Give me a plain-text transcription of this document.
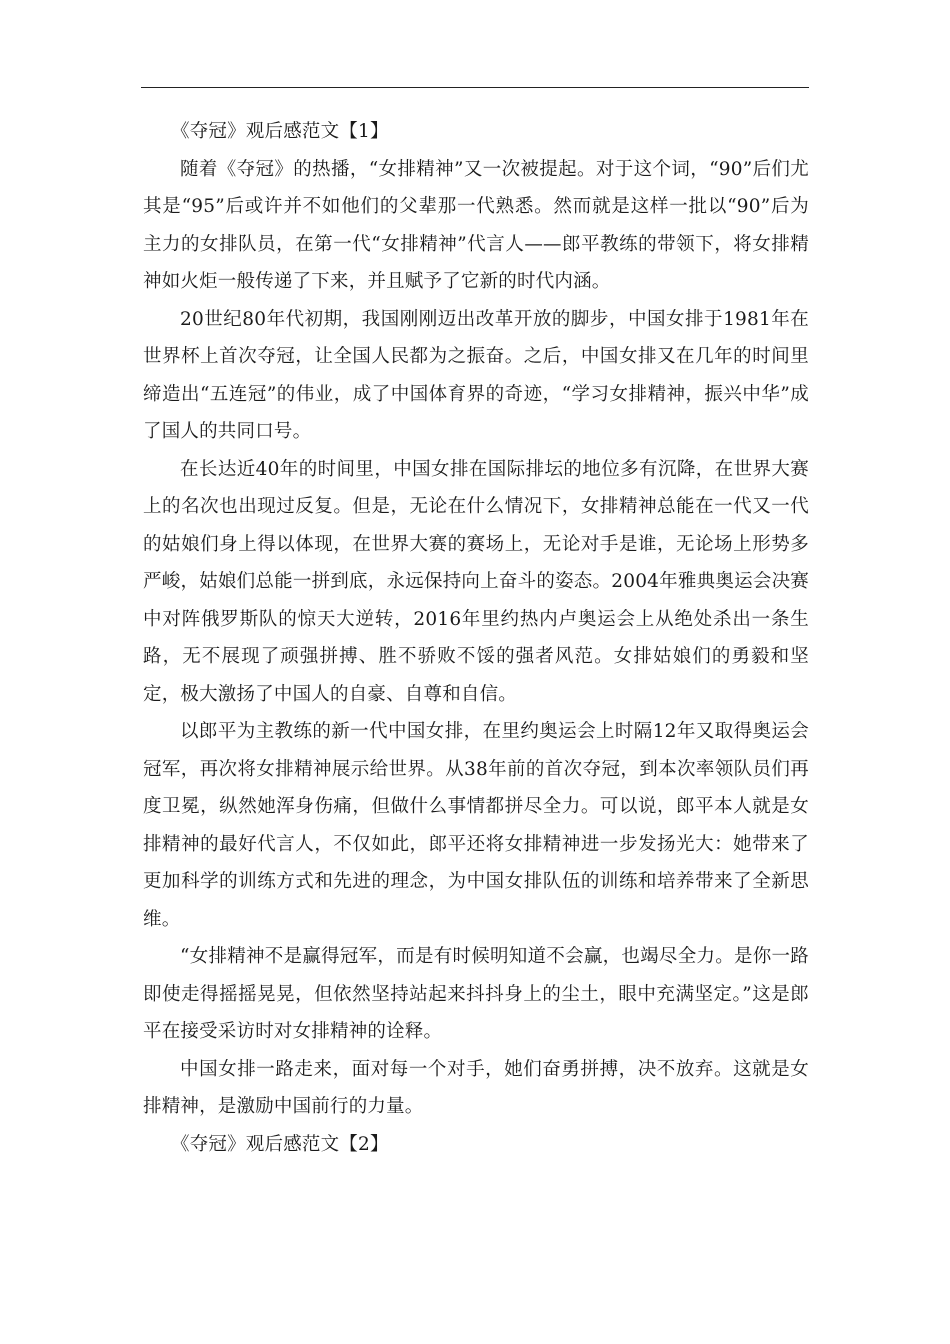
《夺冠》观后感范文【1】

随着《夺冠》的热播，“女排精神”又一次被提起。对于这个词，“90”后们尤其是“95”后或许并不如他们的父辈那一代熟悉。然而就是这样一批以“90”后为主力的女排队员，在第一代“女排精神”代言人——郎平教练的带领下，将女排精神如火炬一般传递了下来，并且赋予了它新的时代内涵。

20世纪80年代初期，我国刚刚迈出改革开放的脚步，中国女排于1981年在世界杯上首次夺冠，让全国人民都为之振奋。之后，中国女排又在几年的时间里缔造出“五连冠”的伟业，成了中国体育界的奇迹，“学习女排精神，振兴中华”成了国人的共同口号。

在长达近40年的时间里，中国女排在国际排坛的地位多有沉降，在世界大赛上的名次也出现过反复。但是，无论在什么情况下，女排精神总能在一代又一代的姑娘们身上得以体现，在世界大赛的赛场上，无论对手是谁，无论场上形势多严峻，姑娘们总能一拼到底，永远保持向上奋斗的姿态。2004年雅典奥运会决赛中对阵俄罗斯队的惊天大逆转，2016年里约热内卢奥运会上从绝处杀出一条生路，无不展现了顽强拼搏、胜不骄败不馁的强者风范。女排姑娘们的勇毅和坚定，极大激扬了中国人的自豪、自尊和自信。

以郎平为主教练的新一代中国女排，在里约奥运会上时隔12年又取得奥运会冠军，再次将女排精神展示给世界。从38年前的首次夺冠，到本次率领队员们再度卫冕，纵然她浑身伤痛，但做什么事情都拼尽全力。可以说，郎平本人就是女排精神的最好代言人，不仅如此，郎平还将女排精神进一步发扬光大：她带来了更加科学的训练方式和先进的理念，为中国女排队伍的训练和培养带来了全新思维。

“女排精神不是赢得冠军，而是有时候明知道不会赢，也竭尽全力。是你一路即使走得摇摇晃晃，但依然坚持站起来抖抖身上的尘土，眼中充满坚定。”这是郎平在接受采访时对女排精神的诠释。

中国女排一路走来，面对每一个对手，她们奋勇拼搏，决不放弃。这就是女排精神，是激励中国前行的力量。

《夺冠》观后感范文【2】
